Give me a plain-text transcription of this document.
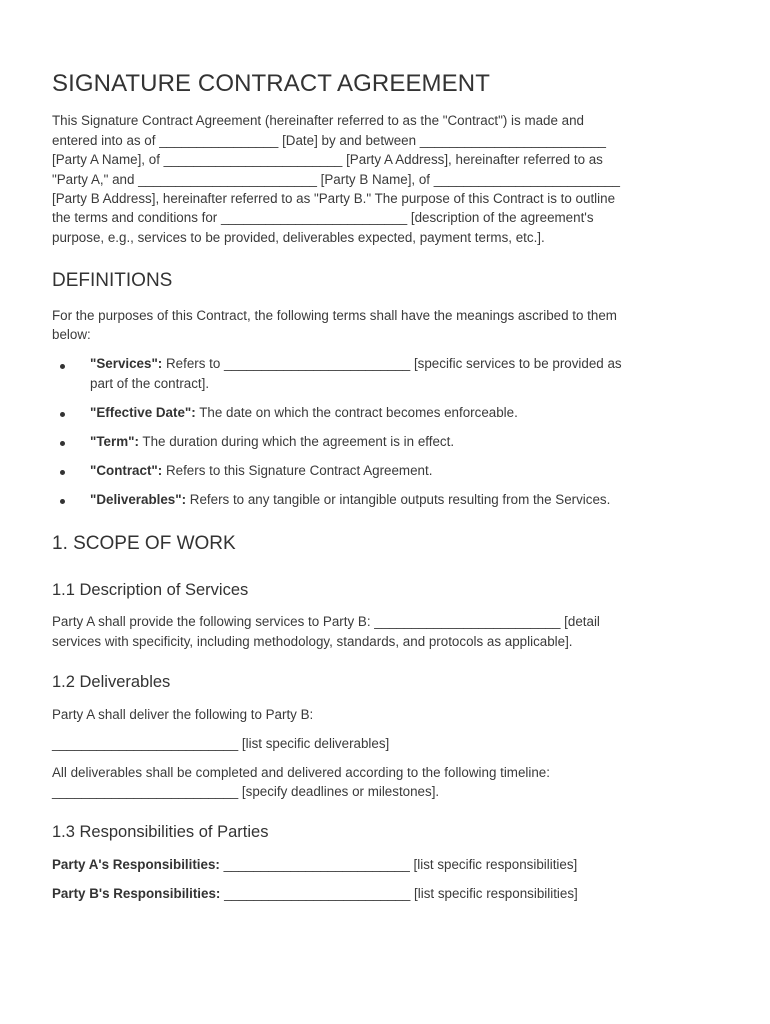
SIGNATURE CONTRACT AGREEMENT

This Signature Contract Agreement (hereinafter referred to as the "Contract") is made and

entered into as of ________________ [Date] by and between _________________________

[Party A Name], of ________________________ [Party A Address], hereinafter referred to as

"Party A," and ________________________ [Party B Name], of _________________________

[Party B Address], hereinafter referred to as "Party B." The purpose of this Contract is to outline

the terms and conditions for _________________________ [description of the agreement's

purpose, e.g., services to be provided, deliverables expected, payment terms, etc.].

DEFINITIONS

For the purposes of this Contract, the following terms shall have the meanings ascribed to them

below:

"Services": Refers to _________________________ [specific services to be provided as

part of the contract].

"Effective Date": The date on which the contract becomes enforceable.

"Term": The duration during which the agreement is in effect.

"Contract": Refers to this Signature Contract Agreement.

"Deliverables": Refers to any tangible or intangible outputs resulting from the Services.

1. SCOPE OF WORK
1.1 Description of Services

Party A shall provide the following services to Party B: _________________________ [detail

services with specificity, including methodology, standards, and protocols as applicable].

1.2 Deliverables

Party A shall deliver the following to Party B:

_________________________ [list specific deliverables]

All deliverables shall be completed and delivered according to the following timeline:

_________________________ [specify deadlines or milestones].

1.3 Responsibilities of Parties

Party A's Responsibilities: _________________________ [list specific responsibilities]

Party B's Responsibilities: _________________________ [list specific responsibilities]
